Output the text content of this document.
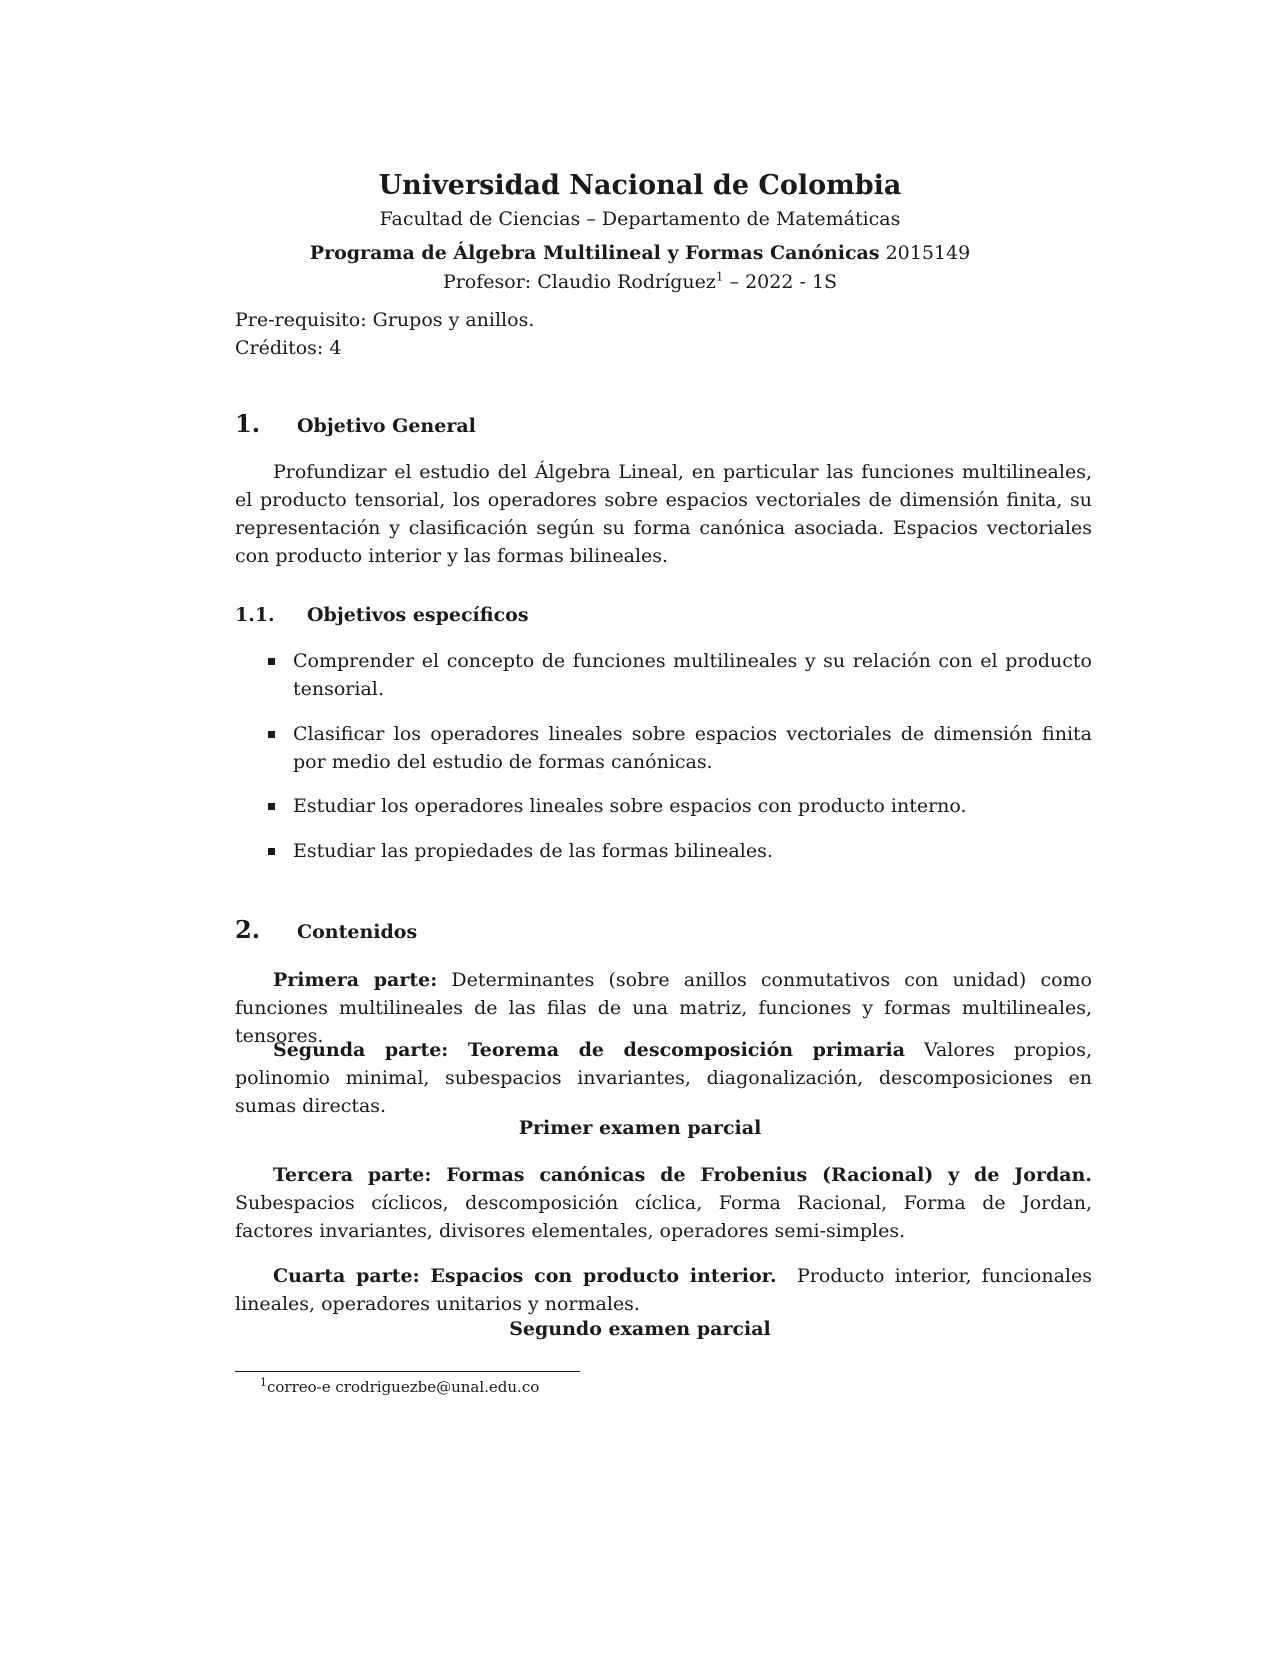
Universidad Nacional de Colombia
Facultad de Ciencias – Departamento de Matemáticas
Programa de Álgebra Multilineal y Formas Canónicas 2015149
Profesor: Claudio Rodríguez$^1$ – 2022 - 1S
Pre-requisito: Grupos y anillos.
Créditos: 4
1. Objetivo General
Profundizar el estudio del Álgebra Lineal, en particular las funciones multilineales, el producto tensorial, los operadores sobre espacios vectoriales de dimensión finita, su representación y clasificación según su forma canónica asociada. Espacios vectoriales con producto interior y las formas bilineales.
1.1. Objetivos específicos
Comprender el concepto de funciones multilineales y su relación con el producto tensorial.
Clasificar los operadores lineales sobre espacios vectoriales de dimensión finita por medio del estudio de formas canónicas.
Estudiar los operadores lineales sobre espacios con producto interno.
Estudiar las propiedades de las formas bilineales.
2. Contenidos
Primera parte: Determinantes (sobre anillos conmutativos con unidad) como funciones multilineales de las filas de una matriz, funciones y formas multilineales, tensores.
Segunda parte: Teorema de descomposición primaria Valores propios, polinomio minimal, subespacios invariantes, diagonalización, descomposiciones en sumas directas.
Primer examen parcial
Tercera parte: Formas canónicas de Frobenius (Racional) y de Jordan. Subespacios cíclicos, descomposición cíclica, Forma Racional, Forma de Jordan, factores invariantes, divisores elementales, operadores semi-simples.
Cuarta parte: Espacios con producto interior. Producto interior, funcionales lineales, operadores unitarios y normales.
Segundo examen parcial
$^1$correo-e crodriguezbe@unal.edu.co
